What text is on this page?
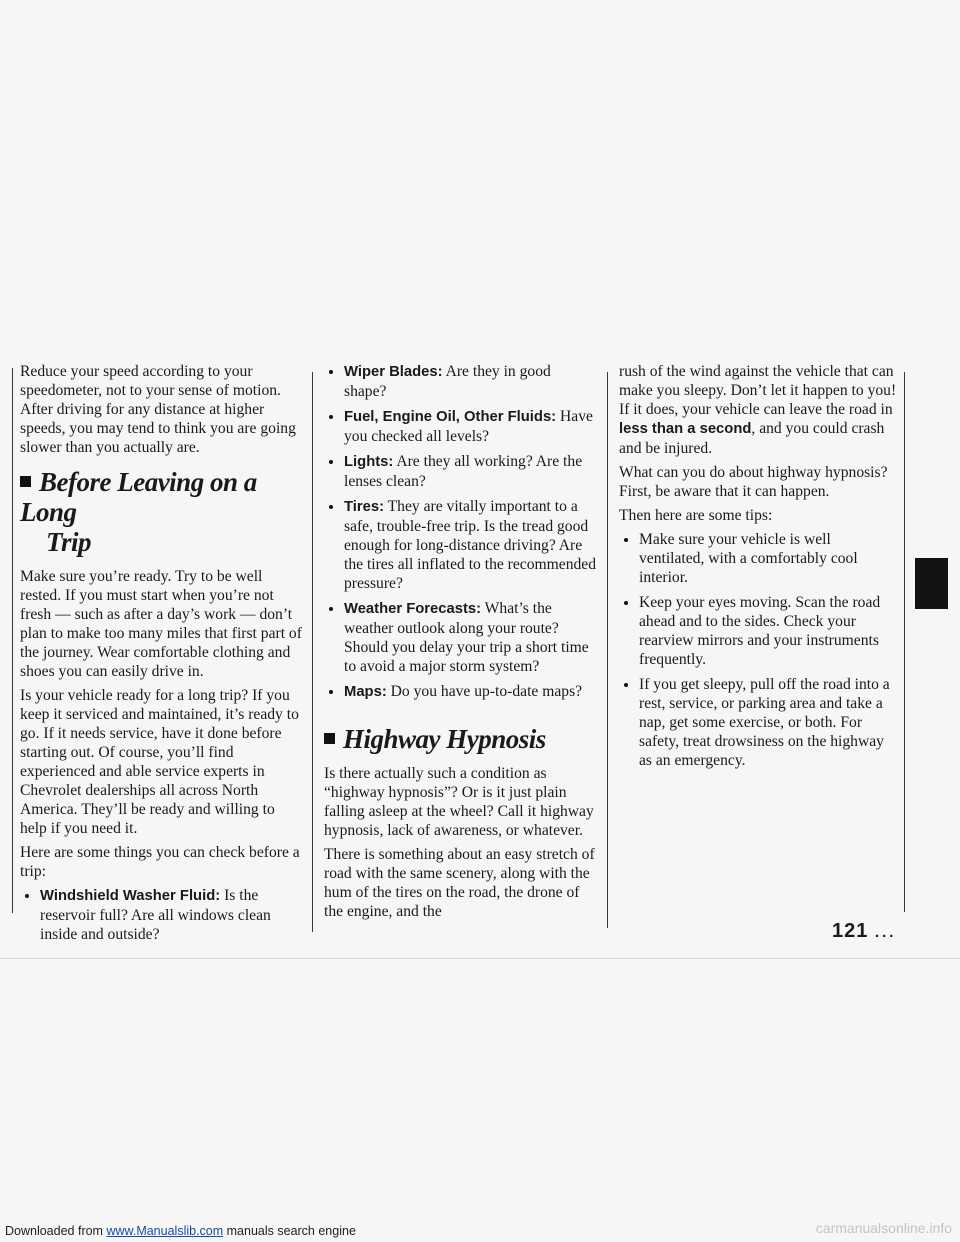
Reduce your speed according to your speedometer, not to your sense of motion. After driving for any distance at higher speeds, you may tend to think you are going slower than you actually are.

Before Leaving on a Long
Trip

Make sure you’re ready. Try to be well rested. If you must start when you’re not fresh — such as after a day’s work — don’t plan to make too many miles that first part of the journey. Wear comfortable clothing and shoes you can easily drive in.

Is your vehicle ready for a long trip? If you keep it serviced and maintained, it’s ready to go. If it needs service, have it done before starting out. Of course, you’ll find experienced and able service experts in Chevrolet dealerships all across North America. They’ll be ready and willing to help if you need it.

Here are some things you can check before a trip:

Windshield Washer Fluid: Is the reservoir full? Are all windows clean inside and outside?
Wiper Blades: Are they in good shape?
Fuel, Engine Oil, Other Fluids: Have you checked all levels?
Lights: Are they all working? Are the lenses clean?
Tires: They are vitally important to a safe, trouble-free trip. Is the tread good enough for long-distance driving? Are the tires all inflated to the recommended pressure?
Weather Forecasts: What’s the weather outlook along your route? Should you delay your trip a short time to avoid a major storm system?
Maps: Do you have up-to-date maps?
Highway Hypnosis

Is there actually such a condition as “highway hypnosis”? Or is it just plain falling asleep at the wheel? Call it highway hypnosis, lack of awareness, or whatever.

There is something about an easy stretch of road with the same scenery, along with the hum of the tires on the road, the drone of the engine, and the

rush of the wind against the vehicle that can make you sleepy. Don’t let it happen to you! If it does, your vehicle can leave the road in less than a second, and you could crash and be injured.

What can you do about highway hypnosis? First, be aware that it can happen.

Then here are some tips:

Make sure your vehicle is well ventilated, with a comfortably cool interior.
Keep your eyes moving. Scan the road ahead and to the sides. Check your rearview mirrors and your instruments frequently.
If you get sleepy, pull off the road into a rest, service, or parking area and take a nap, get some exercise, or both. For safety, treat drowsiness on the highway as an emergency.
121 ...
Downloaded from www.Manualslib.com manuals search engine	carmanualsonline.info
